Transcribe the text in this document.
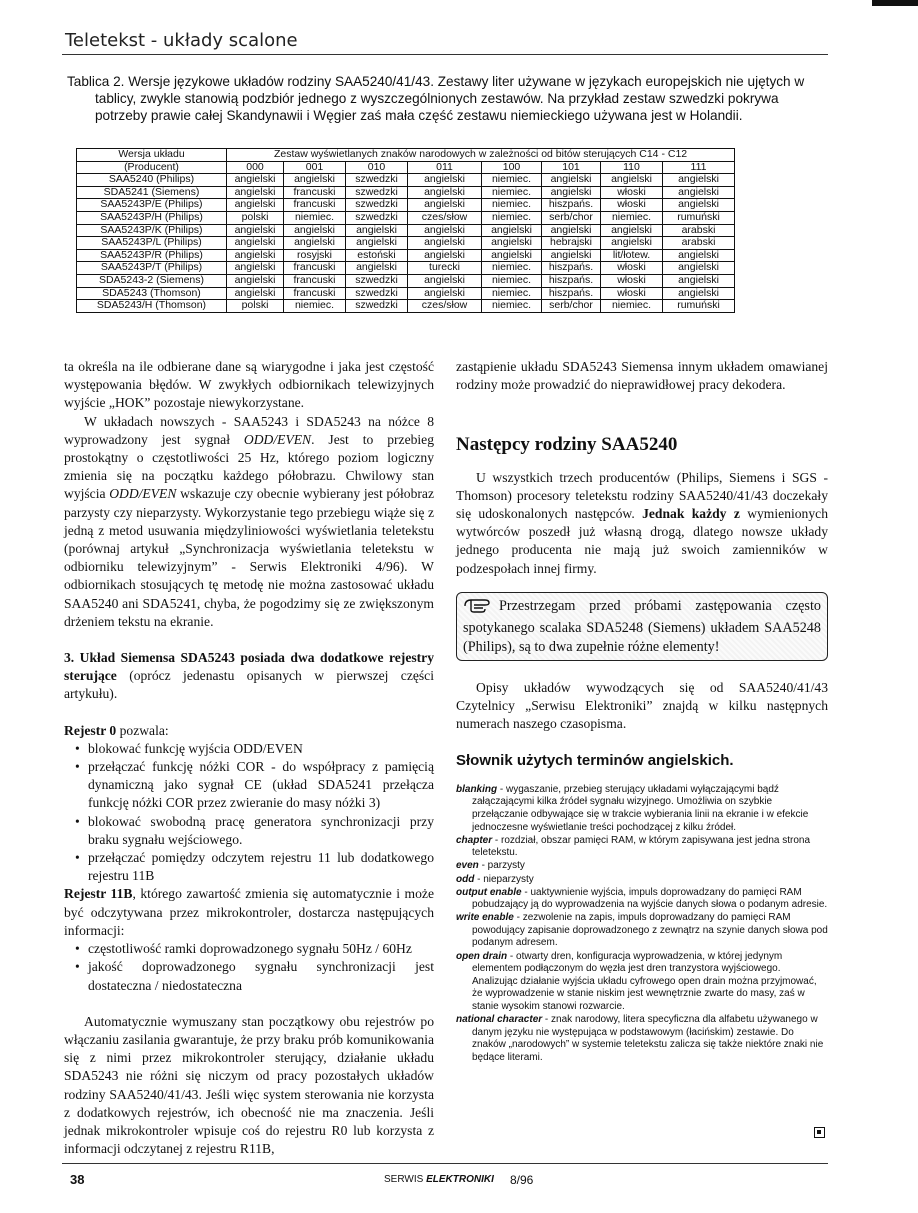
Teletekst - układy scalone
Tablica 2. Wersje językowe układów rodziny SAA5240/41/43. Zestawy liter używane w językach europejskich nie ujętych w tablicy, zwykle stanowią podzbiór jednego z wyszczególnionych zestawów. Na przykład zestaw szwedzki pokrywa potrzeby prawie całej Skandynawii i Węgier zaś mała część zestawu niemieckiego używana jest w Holandii.
Wersja układu	Zestaw wyświetlanych znaków narodowych w zależności od bitów sterujących C14 - C12							
(Producent)	000	001	010	011	100	101	110	111
SAA5240 (Philips)	angielski	angielski	szwedzki	angielski	niemiec.	angielski	angielski	angielski
SDA5241 (Siemens)	angielski	francuski	szwedzki	angielski	niemiec.	angielski	włoski	angielski
SAA5243P/E (Philips)	angielski	francuski	szwedzki	angielski	niemiec.	hiszpańs.	włoski	angielski
SAA5243P/H (Philips)	polski	niemiec.	szwedzki	czes/słow	niemiec.	serb/chor	niemiec.	rumuński
SAA5243P/K (Philips)	angielski	angielski	angielski	angielski	angielski	angielski	angielski	arabski
SAA5243P/L (Philips)	angielski	angielski	angielski	angielski	angielski	hebrajski	angielski	arabski
SAA5243P/R (Philips)	angielski	rosyjski	estoński	angielski	angielski	angielski	lit/łotew.	angielski
SAA5243P/T (Philips)	angielski	francuski	angielski	turecki	niemiec.	hiszpańs.	włoski	angielski
SDA5243-2 (Siemens)	angielski	francuski	szwedzki	angielski	niemiec.	hiszpańs.	włoski	angielski
SDA5243 (Thomson)	angielski	francuski	szwedzki	angielski	niemiec.	hiszpańs.	włoski	angielski
SDA5243/H (Thomson)	polski	niemiec.	szwedzki	czes/słow	niemiec.	serb/chor	niemiec.	rumuński

ta określa na ile odbierane dane są wiarygodne i jaka jest częstość występowania błędów. W zwykłych odbiornikach telewizyjnych wyjście „HOK” pozostaje niewykorzystane.

W układach nowszych - SAA5243 i SDA5243 na nóżce 8 wyprowadzony jest sygnał ODD/EVEN. Jest to przebieg prostokątny o częstotliwości 25 Hz, którego poziom logiczny zmienia się na początku każdego półobrazu. Chwilowy stan wyjścia ODD/EVEN wskazuje czy obecnie wybierany jest półobraz parzysty czy nieparzysty. Wykorzystanie tego przebiegu wiąże się z jedną z metod usuwania międzyliniowości wyświetlania teletekstu (porównaj artykuł „Synchronizacja wyświetlania teletekstu w odbiorniku telewizyjnym” - Serwis Elektroniki 4/96). W odbiornikach stosujących tę metodę nie można zastosować układu SAA5240 ani SDA5241, chyba, że pogodzimy się ze zwiększonym drżeniem tekstu na ekranie.

3. Układ Siemensa SDA5243 posiada dwa dodatkowe rejestry sterujące (oprócz jedenastu opisanych w pierwszej części artykułu).

Rejestr 0 pozwala:

• blokować funkcję wyjścia ODD/EVEN
• przełączać funkcję nóżki COR - do współpracy z pamięcią dynamiczną jako sygnał CE (układ SDA5241 przełącza funkcję nóżki COR przez zwieranie do masy nóżki 3)
• blokować swobodną pracę generatora synchronizacji przy braku sygnału wejściowego.
• przełączać pomiędzy odczytem rejestru 11 lub dodatkowego rejestru 11B

Rejestr 11B, którego zawartość zmienia się automatycznie i może być odczytywana przez mikrokontroler, dostarcza następujących informacji:

• częstotliwość ramki doprowadzonego sygnału 50Hz / 60Hz
• jakość doprowadzonego sygnału synchronizacji jest dostateczna / niedostateczna

Automatycznie wymuszany stan początkowy obu rejestrów po włączaniu zasilania gwarantuje, że przy braku prób komunikowania się z nimi przez mikrokontroler sterujący, działanie układu SDA5243 nie różni się niczym od pracy pozostałych układów rodziny SAA5240/41/43. Jeśli więc system sterowania nie korzysta z dodatkowych rejestrów, ich obecność nie ma znaczenia. Jeśli jednak mikrokontroler wpisuje coś do rejestru R0 lub korzysta z informacji odczytanej z rejestru R11B,

zastąpienie układu SDA5243 Siemensa innym układem omawianej rodziny może prowadzić do nieprawidłowej pracy dekodera.

Następcy rodziny SAA5240

U wszystkich trzech producentów (Philips, Siemens i SGS - Thomson) procesory teletekstu rodziny SAA5240/41/43 doczekały się udoskonalonych następców. Jednak każdy z wymienionych wytwórców poszedł już własną drogą, dlatego nowsze układy jednego producenta nie mają już swoich zamienników w podzespołach innej firmy.

Przestrzegam przed próbami zastępowania często spotykanego scalaka SDA5248 (Siemens) układem SAA5248 (Philips), są to dwa zupełnie różne elementy!

Opisy układów wywodzących się od SAA5240/41/43 Czytelnicy „Serwisu Elektroniki” znajdą w kilku następnych numerach naszego czasopisma.

Słownik użytych terminów angielskich.
blanking - wygaszanie, przebieg sterujący układami wyłączającymi bądź załączającymi kilka źródeł sygnału wizyjnego. Umożliwia on szybkie przełączanie odbywające się w trakcie wybierania linii na ekranie i w efekcie jednoczesne wyświetlanie treści pochodzącej z kilku źródeł.
chapter - rozdział, obszar pamięci RAM, w którym zapisywana jest jedna strona teletekstu.
even - parzysty
odd - nieparzysty
output enable - uaktywnienie wyjścia, impuls doprowadzany do pamięci RAM pobudzający ją do wyprowadzenia na wyjście danych słowa o podanym adresie.
write enable - zezwolenie na zapis, impuls doprowadzany do pamięci RAM powodujący zapisanie doprowadzonego z zewnątrz na szynie danych słowa pod podanym adresem.
open drain - otwarty dren, konfiguracja wyprowadzenia, w której jedynym elementem podłączonym do węzła jest dren tranzystora wyjściowego. Analizując działanie wyjścia układu cyfrowego open drain można przyjmować, że wyprowadzenie w stanie niskim jest wewnętrznie zwarte do masy, zaś w stanie wysokim stanowi rozwarcie.
national character - znak narodowy, litera specyficzna dla alfabetu używanego w danym języku nie występująca w podstawowym (łacińskim) zestawie. Do znaków „narodowych” w systemie teletekstu zalicza się także niektóre znaki nie będące literami.
38	SERWIS ELEKTRONIKI 8/96
